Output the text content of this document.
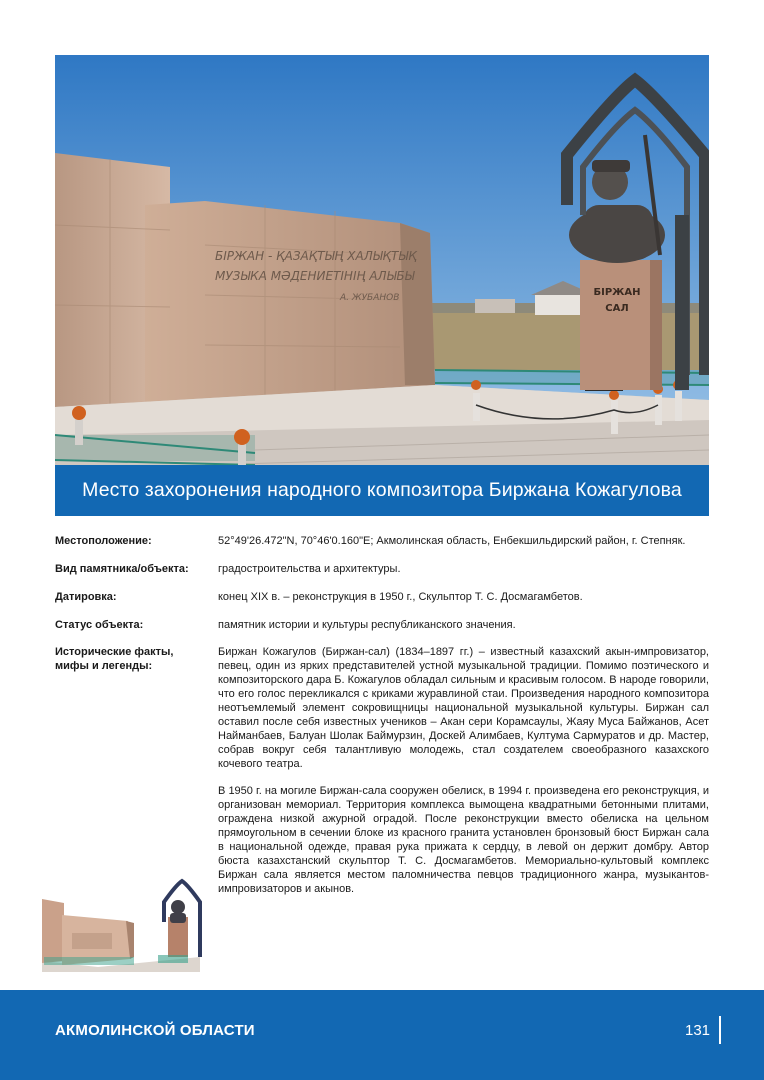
БІРЖАН - ҚАЗАҚТЫҢ ХАЛЫҚТЫҚ
МУЗЫКА МӘДЕНИЕТІНІҢ АЛЫБЫ
А. ЖУБАНОВ	БІРЖАН
САЛ
Место захоронения народного композитора Биржана Кожагулова
Местоположение:	52°49'26.472"N, 70°46'0.160"E; Акмолинская область, Енбекшильдирский район, г. Степняк.
Вид памятника/объекта:	градостроительства и архитектуры.
Датировка:	конец XIX в. – реконструкция в 1950 г., Скульптор Т. С. Досмагамбетов.
Статус объекта:	памятник истории и культуры республиканского значения.
Исторические факты, мифы и легенды:

Биржан Кожагулов (Биржан-сал) (1834–1897 гг.) – известный казахский акын-импровизатор, певец, один из ярких представителей устной музыкальной традиции. Помимо поэтического и композиторского дара Б. Кожагулов обладал сильным и красивым голосом. В народе говорили, что его голос перекликался с криками журавлиной стаи. Произведения народного композитора неотъемлемый элемент сокровищницы национальной музыкальной культуры. Биржан сал оставил после себя известных учеников – Акан сери Корамсаулы, Жаяу Муса Байжанов, Асет Найманбаев, Балуан Шолак Баймурзин, Доскей Алимбаев, Култума Сармуратов и др. Мастер, собрав вокруг себя талантливую молодежь, стал создателем своеобразного казахского кочевого театра.

В 1950 г. на могиле Биржан-сала сооружен обелиск, в 1994 г. произведена его реконструкция, и организован мемориал. Территория комплекса вымощена квадратными бетонными плитами, ограждена низкой ажурной оградой. После реконструкции вместо обелиска на цельном прямоугольном в сечении блоке из красного гранита установлен бронзовый бюст Биржан сала в национальной одежде, правая рука прижата к сердцу, в левой он держит домбру. Автор бюста казахстанский скульптор Т. С. Досмагамбетов. Мемориально-культовый комплекс Биржан сала является местом паломничества певцов традиционного жанра, музыкантов-импровизаторов и акынов.

АКМОЛИНСКОЙ ОБЛАСТИ	131
